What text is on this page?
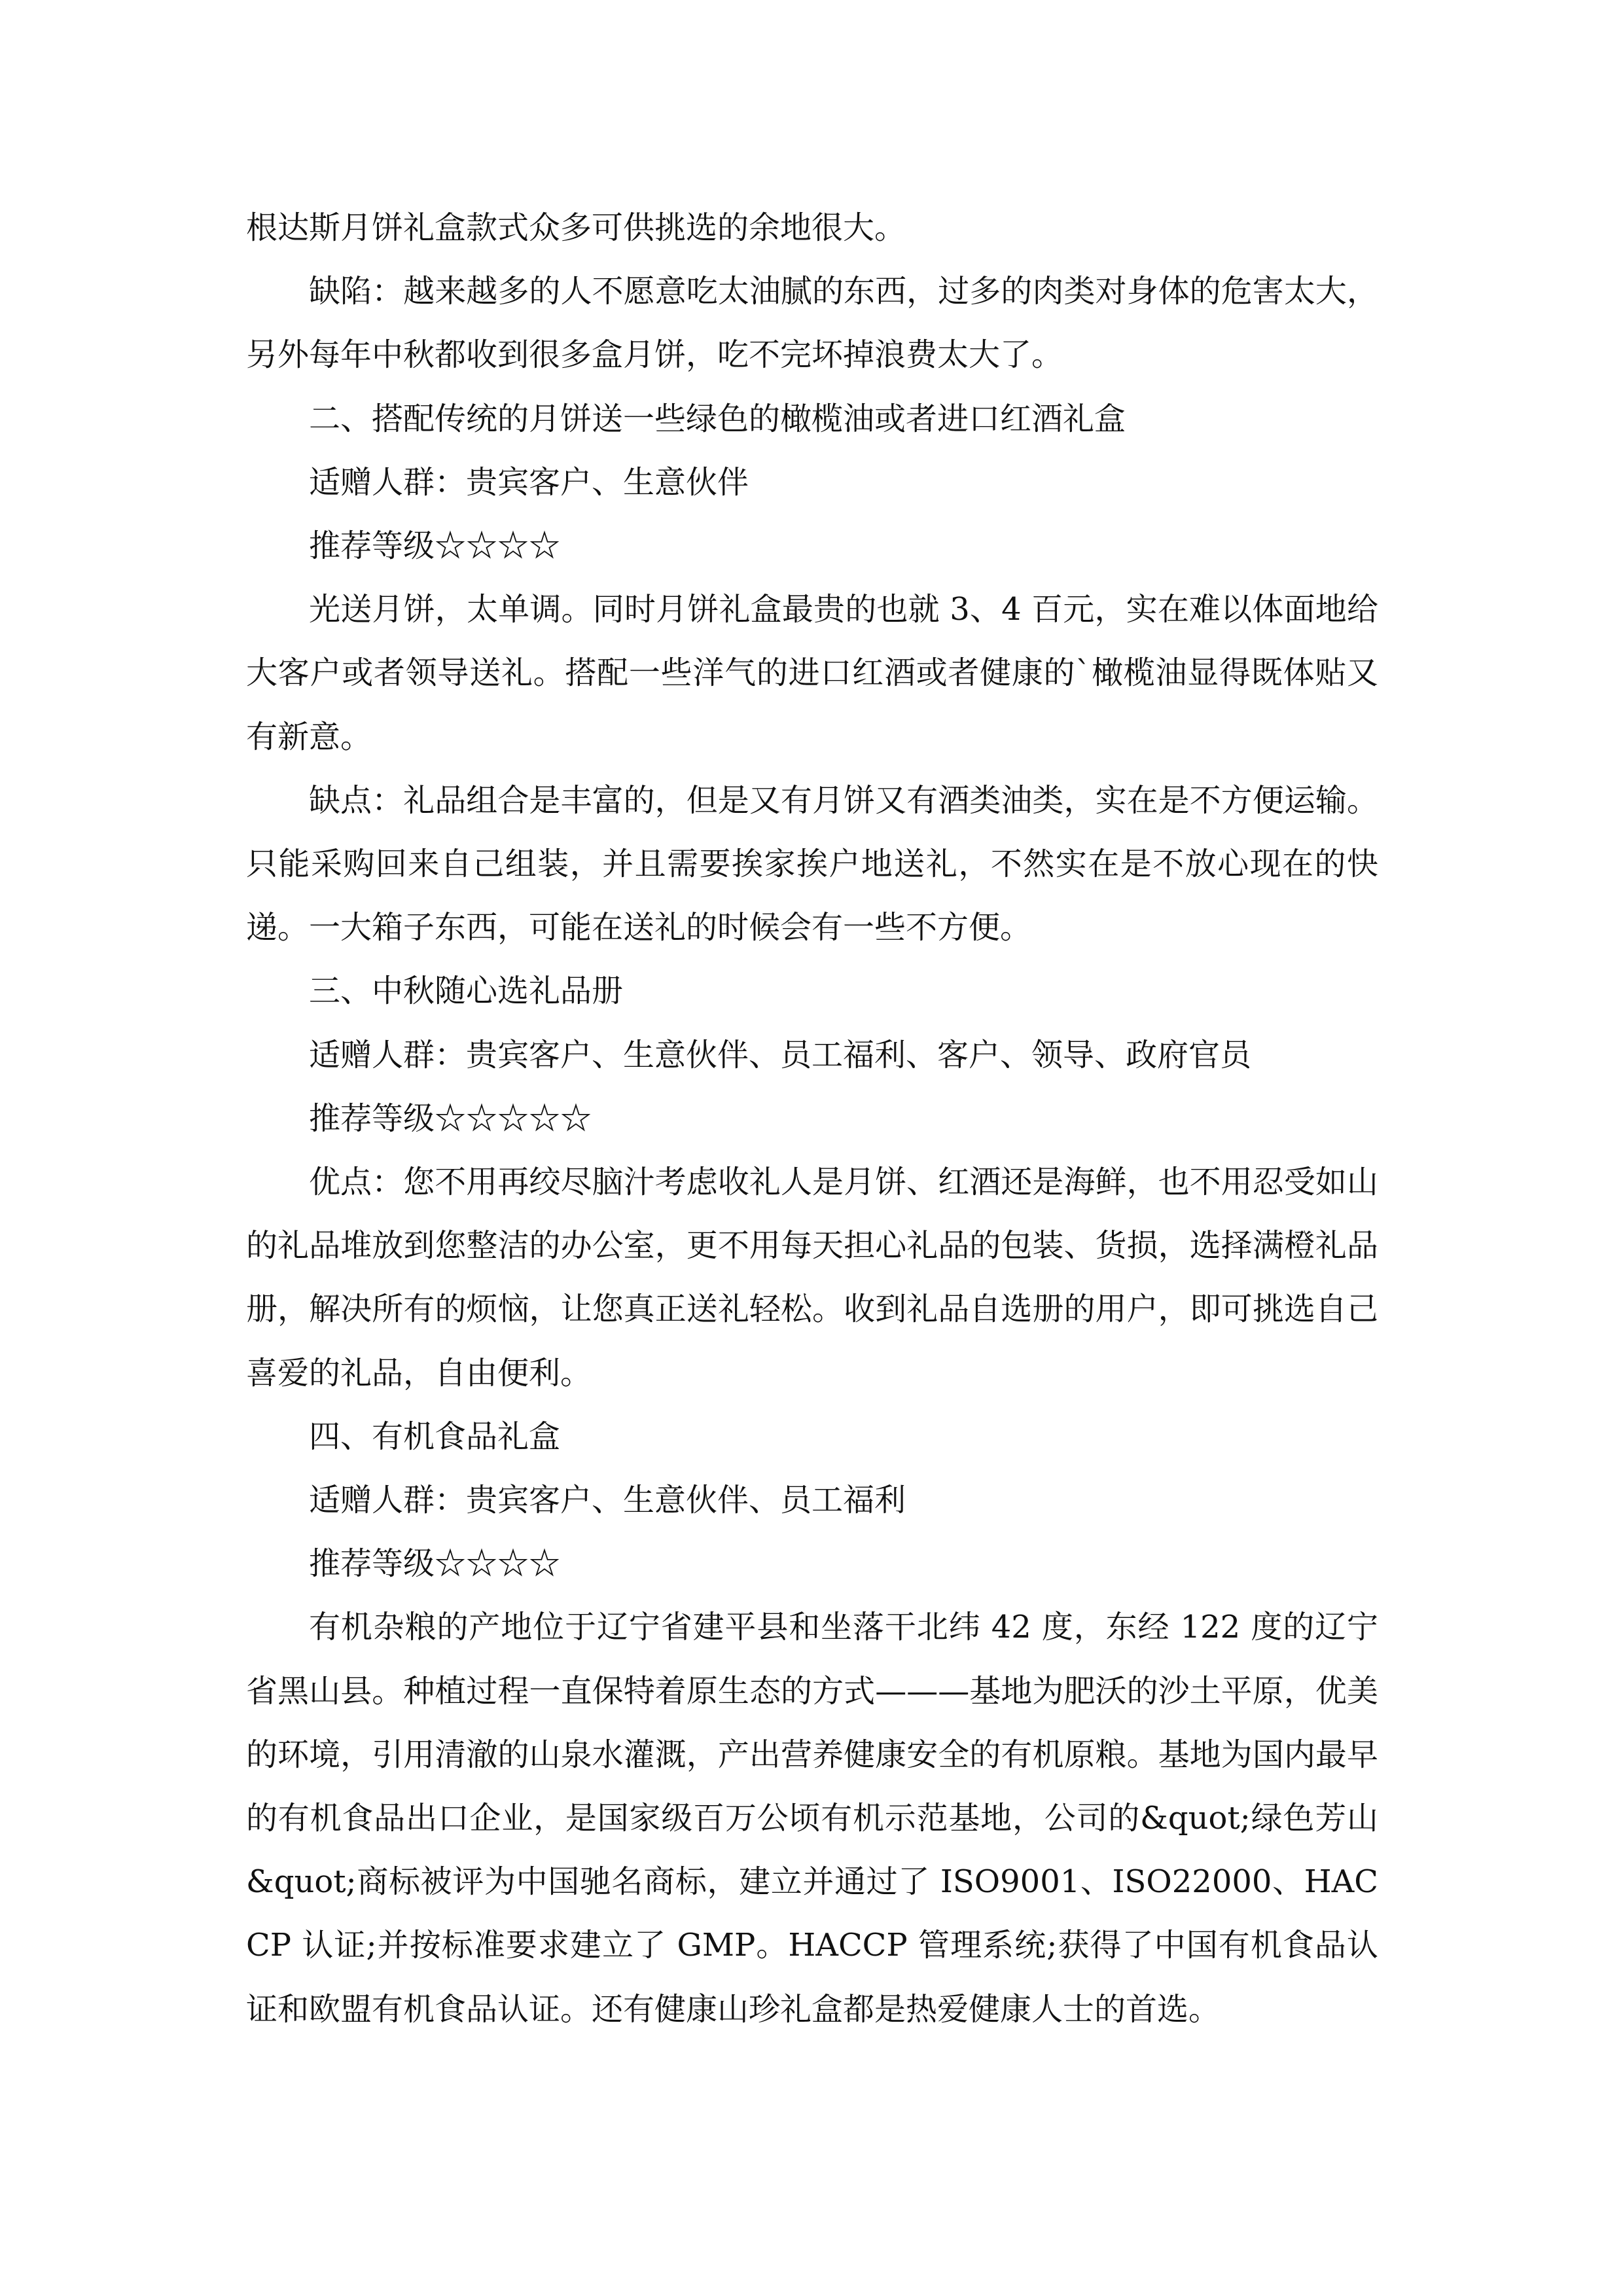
根达斯月饼礼盒款式众多可供挑选的余地很大。

缺陷：越来越多的人不愿意吃太油腻的东西，过多的肉类对身体的危害太大，另外每年中秋都收到很多盒月饼，吃不完坏掉浪费太大了。

二、搭配传统的月饼送一些绿色的橄榄油或者进口红酒礼盒

适赠人群：贵宾客户、生意伙伴

推荐等级☆☆☆☆

光送月饼，太单调。同时月饼礼盒最贵的也就 3、4 百元，实在难以体面地给大客户或者领导送礼。搭配一些洋气的进口红酒或者健康的`橄榄油显得既体贴又有新意。

缺点：礼品组合是丰富的，但是又有月饼又有酒类油类，实在是不方便运输。只能采购回来自己组装，并且需要挨家挨户地送礼，不然实在是不放心现在的快递。一大箱子东西，可能在送礼的时候会有一些不方便。

三、中秋随心选礼品册

适赠人群：贵宾客户、生意伙伴、员工福利、客户、领导、政府官员

推荐等级☆☆☆☆☆

优点：您不用再绞尽脑汁考虑收礼人是月饼、红酒还是海鲜，也不用忍受如山的礼品堆放到您整洁的办公室，更不用每天担心礼品的包装、货损，选择满橙礼品册，解决所有的烦恼，让您真正送礼轻松。收到礼品自选册的用户，即可挑选自己喜爱的礼品，自由便利。

四、有机食品礼盒

适赠人群：贵宾客户、生意伙伴、员工福利

推荐等级☆☆☆☆

有机杂粮的产地位于辽宁省建平县和坐落干北纬 42 度，东经 122 度的辽宁省黑山县。种植过程一直保特着原生态的方式———基地为肥沃的沙土平原，优美的环境，引用清澈的山泉水灌溉，产出营养健康安全的有机原粮。基地为国内最早的有机食品出口企业，是国家级百万公顷有机示范基地，公司的&quot;绿色芳山&quot;商标被评为中国驰名商标，建立并通过了 ISO9001、ISO22000、HACCP 认证;并按标准要求建立了 GMP。HACCP 管理系统;获得了中国有机食品认证和欧盟有机食品认证。还有健康山珍礼盒都是热爱健康人士的首选。
